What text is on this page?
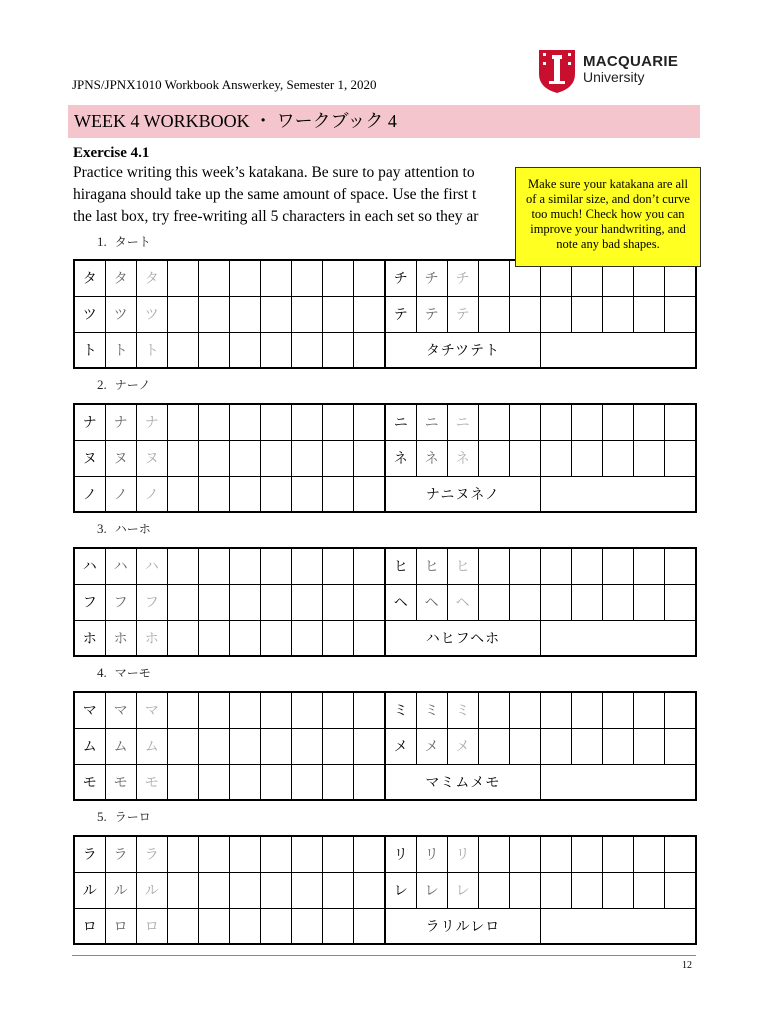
JPNS/JPNX1010 Workbook Answerkey, Semester 1, 2020
MACQUARIE
University
WEEK 4 WORKBOOK ・ ワークブック 4
Exercise 4.1
Practice writing this week’s katakana. Be sure to pay attention to
hiragana should take up the same amount of space. Use the first t
the last box, try free-writing all 5 characters in each set so they ar
Make sure your katakana are all of a similar size, and don’t curve too much! Check how you can improve your handwriting, and note any bad shapes.
1. タート
タ	タ	タ								チ	チ	チ							
ツ	ツ	ツ								テ	テ	テ							
ト	ト	ト								タチツテト									
2. ナーノ
ナ	ナ	ナ								ニ	ニ	ニ							
ヌ	ヌ	ヌ								ネ	ネ	ネ							
ノ	ノ	ノ								ナニヌネノ									
3. ハーホ
ハ	ハ	ハ								ヒ	ヒ	ヒ							
フ	フ	フ								ヘ	ヘ	ヘ							
ホ	ホ	ホ								ハヒフヘホ									
4. マーモ
マ	マ	マ								ミ	ミ	ミ							
ム	ム	ム								メ	メ	メ							
モ	モ	モ								マミムメモ									
5. ラーロ
ラ	ラ	ラ								リ	リ	リ							
ル	ル	ル								レ	レ	レ							
ロ	ロ	ロ								ラリルレロ									
12
